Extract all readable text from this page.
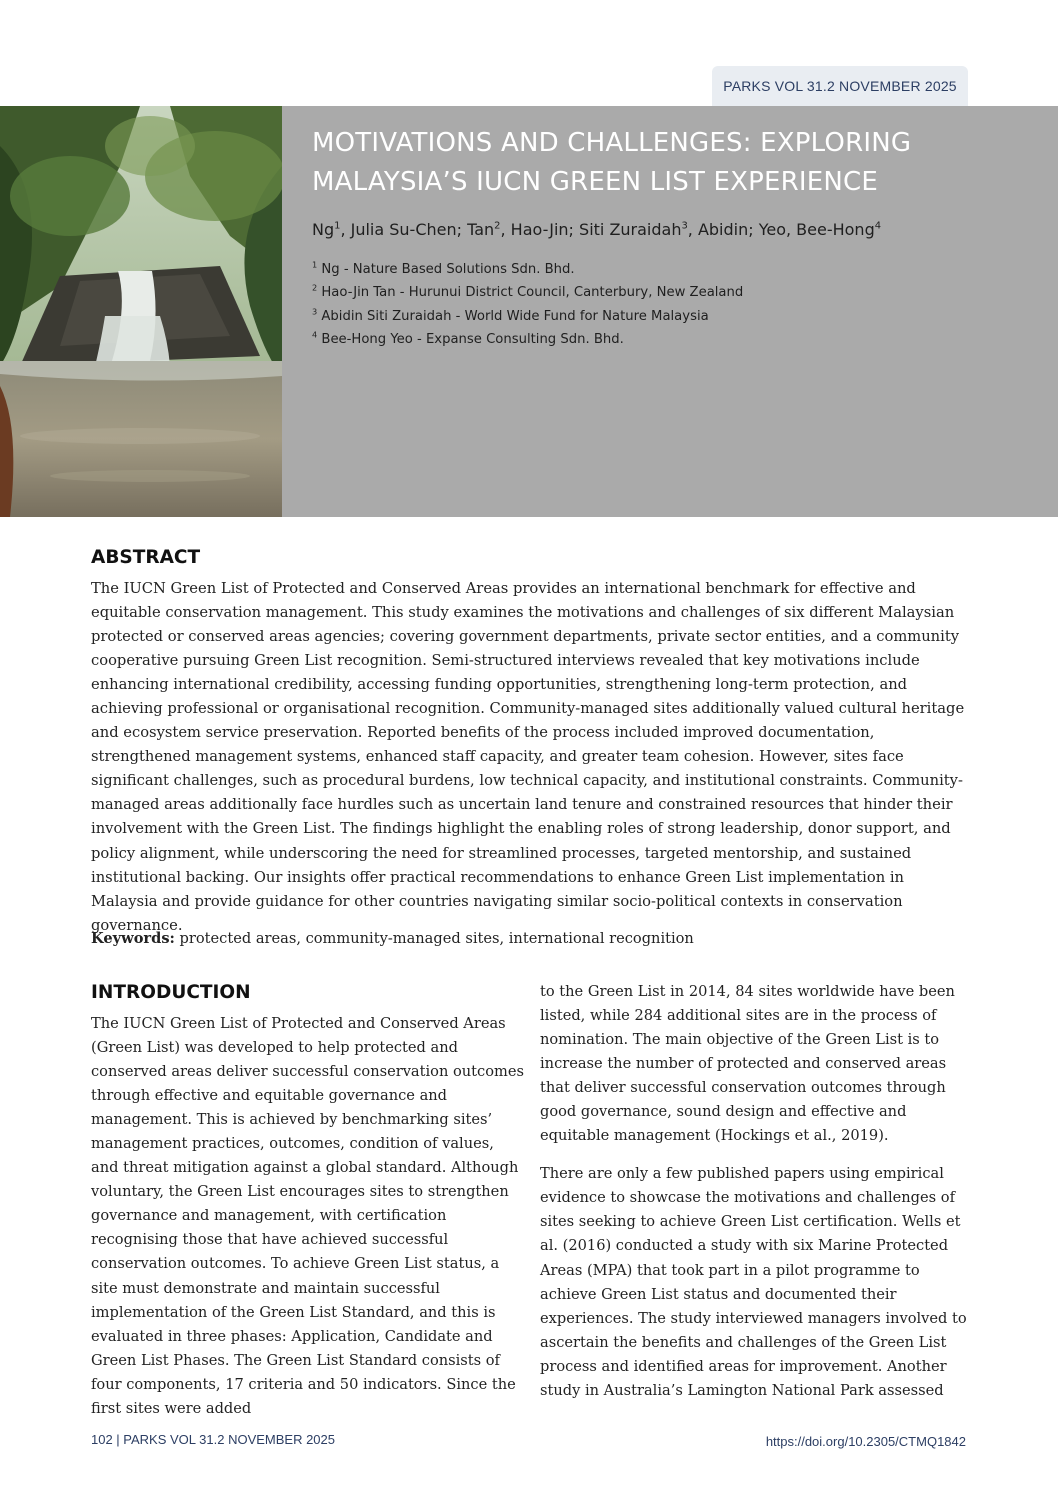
PARKS VOL 31.2 NOVEMBER 2025
MOTIVATIONS AND CHALLENGES: EXPLORING MALAYSIA’S IUCN GREEN LIST EXPERIENCE
Ng$^1$, Julia Su-Chen; Tan$^2$, Hao-Jin; Siti Zuraidah$^3$, Abidin; Yeo, Bee-Hong$^4$
$^1$ Ng - Nature Based Solutions Sdn. Bhd.
$^2$ Hao-Jin Tan - Hurunui District Council, Canterbury, New Zealand
$^3$ Abidin Siti Zuraidah - World Wide Fund for Nature Malaysia
$^4$ Bee-Hong Yeo - Expanse Consulting Sdn. Bhd.
ABSTRACT

The IUCN Green List of Protected and Conserved Areas provides an international benchmark for effective and equitable conservation management. This study examines the motivations and challenges of six different Malaysian protected or conserved areas agencies; covering government departments, private sector entities, and a community cooperative pursuing Green List recognition. Semi-structured interviews revealed that key motivations include enhancing international credibility, accessing funding opportunities, strengthening long-term protection, and achieving professional or organisational recognition. Community-managed sites additionally valued cultural heritage and ecosystem service preservation. Reported benefits of the process included improved documentation, strengthened management systems, enhanced staff capacity, and greater team cohesion. However, sites face significant challenges, such as procedural burdens, low technical capacity, and institutional constraints. Community-managed areas additionally face hurdles such as uncertain land tenure and constrained resources that hinder their involvement with the Green List. The findings highlight the enabling roles of strong leadership, donor support, and policy alignment, while underscoring the need for streamlined processes, targeted mentorship, and sustained institutional backing. Our insights offer practical recommendations to enhance Green List implementation in Malaysia and provide guidance for other countries navigating similar socio-political contexts in conservation governance.

Keywords: protected areas, community-managed sites, international recognition

INTRODUCTION

The IUCN Green List of Protected and Conserved Areas (Green List) was developed to help protected and conserved areas deliver successful conservation outcomes through effective and equitable governance and management. This is achieved by benchmarking sites’ management practices, outcomes, condition of values, and threat mitigation against a global standard. Although voluntary, the Green List encourages sites to strengthen governance and management, with certification recognising those that have achieved successful conservation outcomes. To achieve Green List status, a site must demonstrate and maintain successful implementation of the Green List Standard, and this is evaluated in three phases: Application, Candidate and Green List Phases. The Green List Standard consists of four components, 17 criteria and 50 indicators. Since the first sites were added

to the Green List in 2014, 84 sites worldwide have been listed, while 284 additional sites are in the process of nomination. The main objective of the Green List is to increase the number of protected and conserved areas that deliver successful conservation outcomes through good governance, sound design and effective and equitable management (Hockings et al., 2019).

There are only a few published papers using empirical evidence to showcase the motivations and challenges of sites seeking to achieve Green List certification. Wells et al. (2016) conducted a study with six Marine Protected Areas (MPA) that took part in a pilot programme to achieve Green List status and documented their experiences. The study interviewed managers involved to ascertain the benefits and challenges of the Green List process and identified areas for improvement. Another study in Australia’s Lamington National Park assessed

102 | PARKS VOL 31.2 NOVEMBER 2025	https://doi.org/10.2305/CTMQ1842
